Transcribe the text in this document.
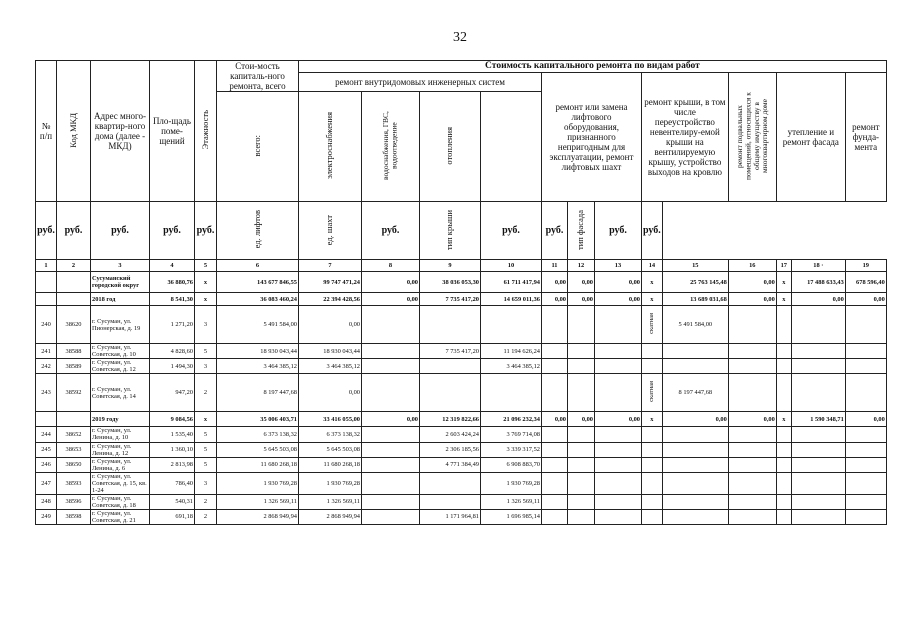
32
№ п/п	Код МКД	Адрес много-квартир-ного дома (далее - МКД)	Пло-щадь поме-щений	Этажность	Стои-мость капиталь-ного ремонта, всего	Стоимость капитального ремонта по видам работ												
						ремонт внутридомовых инженерных систем				ремонт или замена лифтового оборудования, признанного непригодным для эксплуатации, ремонт лифтовых шахт			ремонт крыши, в том числе переустройство невентелиру-емой крыши на вентилируемую крышу, устройство выходов на кровлю		ремонт подвальных помещений, относящихся к общему имуществу в многоквартирном доме	утепление и ремонт фасада		ремонт фунда-мента
					всего:	электроснабжения	водоснабжения, ГВС, водоотведение	отопления										
руб.	руб.	руб.	руб.	руб.	ед. лифтов	ед. шахт	руб.	тип крыши	руб.	руб.	тип фасада	руб.	руб.					
1	2	3	4	5	6	7	8	9	10	11	12	13	14	15	16	17	18 ·	19
		Сусуманский городской округ	36 880,76	х	143 677 846,55	99 747 471,24	0,00	38 036 053,30	61 711 417,94	0,00	0,00	0,00	х	25 763 145,48	0,00	х	17 488 633,43	678 596,40
		2018 год	8 541,30	х	36 083 460,24	22 394 428,56	0,00	7 735 417,20	14 659 011,36	0,00	0,00	0,00	х	13 689 031,68	0,00	х	0,00	0,00
240	38620	г. Сусуман, ул. Пионерская, д. 19	1 271,20	3	5 491 584,00	0,00							скатная	5 491 584,00				
241	38588	г. Сусуман, ул. Советская, д. 10	4 828,60	5	18 930 043,44	18 930 043,44		7 735 417,20	11 194 626,24									
242	38589	г. Сусуман, ул. Советская, д. 12	1 494,30	3	3 464 385,12	3 464 385,12			3 464 385,12									
243	38592	г. Сусуман, ул. Советская, д. 14	947,20	2	8 197 447,68	0,00							скатная	8 197 447,68				
		2019 году	9 084,56	х	35 006 403,71	33 416 055,00	0,00	12 319 822,66	21 096 232,34	0,00	0,00	0,00	х	0,00	0,00	х	1 590 348,71	0,00
244	38652	г. Сусуман, ул. Ленина, д. 10	1 535,40	5	6 373 138,32	6 373 138,32		2 603 424,24	3 769 714,08									
245	38653	г. Сусуман, ул. Ленина, д. 12	1 360,10	5	5 645 503,08	5 645 503,08		2 306 185,56	3 339 317,52									
246	38650	г. Сусуман, ул. Ленина, д. 6	2 813,98	5	11 680 268,18	11 680 268,18		4 771 384,49	6 908 883,70									
247	38593	г. Сусуман, ул. Советская, д. 15, кв. 1-24	786,40	3	1 930 769,28	1 930 769,28			1 930 769,28									
248	38596	г. Сусуман, ул. Советская, д. 18	540,31	2	1 326 569,11	1 326 569,11			1 326 569,11									
249	38598	г. Сусуман, ул. Советская, д. 21	691,18	2	2 868 949,94	2 868 949,94		1 171 964,81	1 696 985,14									
